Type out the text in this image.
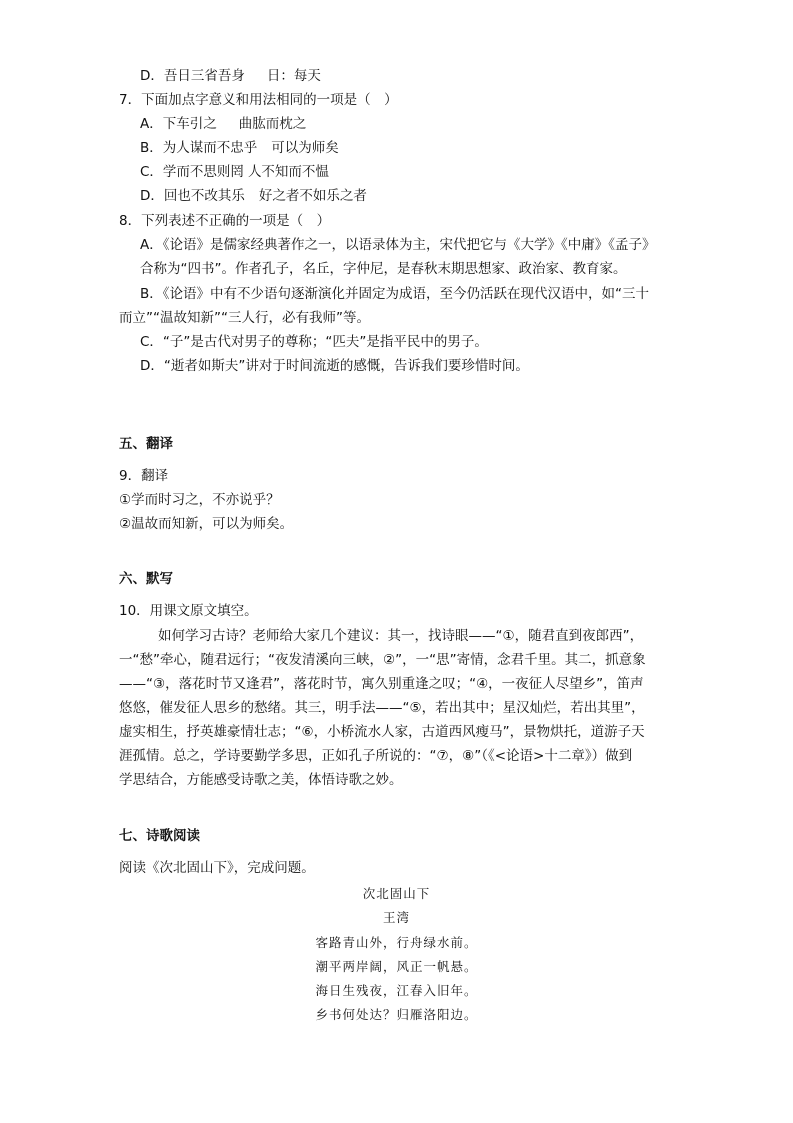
D．吾日三省吾身 日：每天
7．下面加点字意义和用法相同的一项是（　）
A．下车引之 曲肱而枕之
B．为人谋而不忠乎 可以为师矣
C．学而不思则罔 人不知而不愠
D．回也不改其乐 好之者不如乐之者
8．下列表述不正确的一项是（　）
A．《论语》是儒家经典著作之一，以语录体为主，宋代把它与《大学》《中庸》《孟子》
合称为“四书”。作者孔子，名丘，字仲尼，是春秋末期思想家、政治家、教育家。
B．《论语》中有不少语句逐渐演化并固定为成语，至今仍活跃在现代汉语中，如“三十
而立”“温故知新”“三人行，必有我师”等。
C．“子”是古代对男子的尊称；“匹夫”是指平民中的男子。
D．“逝者如斯夫”讲对于时间流逝的感慨，告诉我们要珍惜时间。
五、翻译
9．翻译
①学而时习之，不亦说乎？
②温故而知新，可以为师矣。
六、默写
10．用课文原文填空。
如何学习古诗？老师给大家几个建议：其一，找诗眼——“①，随君直到夜郎西”，
一“愁”牵心，随君远行；“夜发清溪向三峡，②”，一“思”寄情，念君千里。其二，抓意象
——“③，落花时节又逢君”，落花时节，寓久别重逢之叹；“④，一夜征人尽望乡”，笛声
悠悠，催发征人思乡的愁绪。其三，明手法——“⑤，若出其中；星汉灿烂，若出其里”，
虚实相生，抒英雄豪情壮志；“⑥，小桥流水人家，古道西风瘦马”，景物烘托，道游子天
涯孤情。总之，学诗要勤学多思，正如孔子所说的：“⑦，⑧”（《<论语>十二章》）做到
学思结合，方能感受诗歌之美，体悟诗歌之妙。
七、诗歌阅读
阅读《次北固山下》，完成问题。
次北固山下
王湾
客路青山外，行舟绿水前。
潮平两岸阔，风正一帆悬。
海日生残夜，江春入旧年。
乡书何处达？归雁洛阳边。
